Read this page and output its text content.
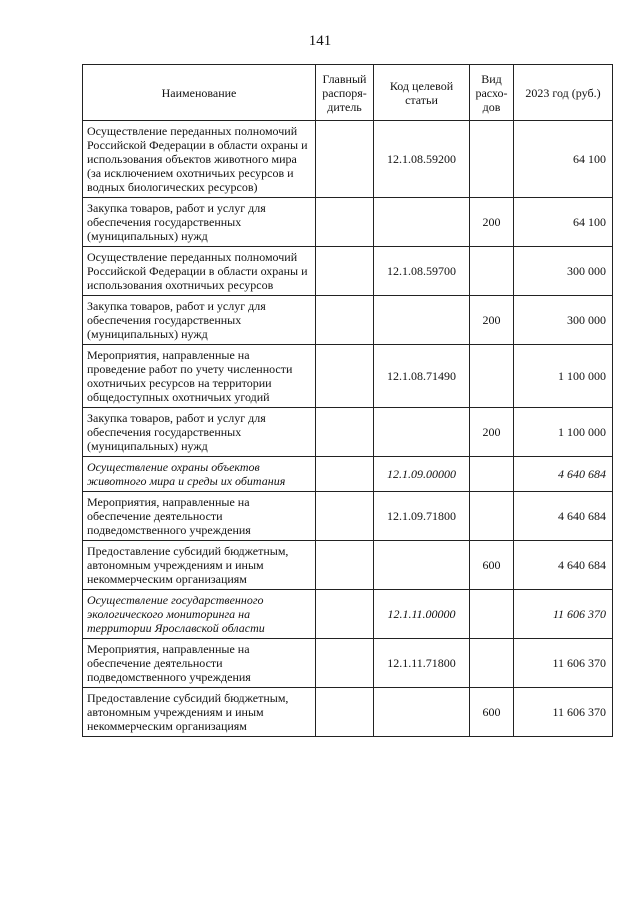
141
Наименование	Главный распоря-дитель	Код целевой статьи	Вид расхо-дов	2023 год (руб.)
Осуществление переданных полномочий Российской Федерации в области охраны и использования объектов животного мира (за исключением охотничьих ресурсов и водных биологических ресурсов)		12.1.08.59200		64 100
Закупка товаров, работ и услуг для обеспечения государственных (муниципальных) нужд			200	64 100
Осуществление переданных полномочий Российской Федерации в области охраны и использования охотничьих ресурсов		12.1.08.59700		300 000
Закупка товаров, работ и услуг для обеспечения государственных (муниципальных) нужд			200	300 000
Мероприятия, направленные на проведение работ по учету численности охотничьих ресурсов на территории общедоступных охотничьих угодий		12.1.08.71490		1 100 000
Закупка товаров, работ и услуг для обеспечения государственных (муниципальных) нужд			200	1 100 000
Осуществление охраны объектов животного мира и среды их обитания		12.1.09.00000		4 640 684
Мероприятия, направленные на обеспечение деятельности подведомственного учреждения		12.1.09.71800		4 640 684
Предоставление субсидий бюджетным, автономным учреждениям и иным некоммерческим организациям			600	4 640 684
Осуществление государственного экологического мониторинга на территории Ярославской области		12.1.11.00000		11 606 370
Мероприятия, направленные на обеспечение деятельности подведомственного учреждения		12.1.11.71800		11 606 370
Предоставление субсидий бюджетным, автономным учреждениям и иным некоммерческим организациям			600	11 606 370
